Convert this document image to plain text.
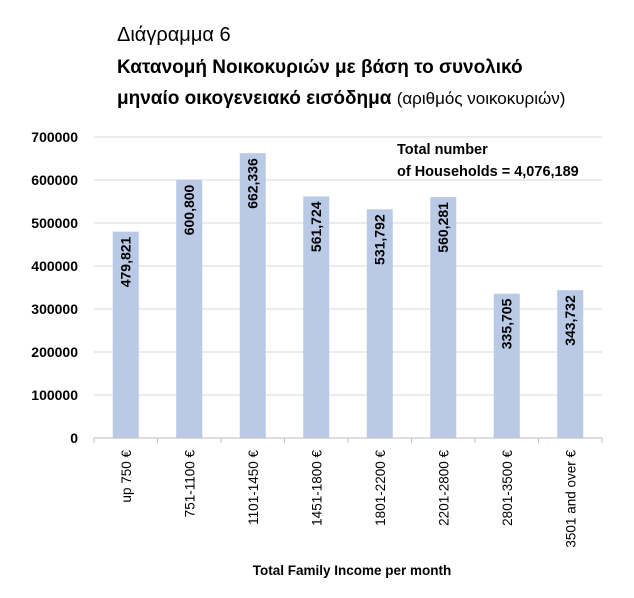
Διάγραμμα 6
Κατανομή Νοικοκυριών με βάση το συνολικό
μηναίο οικογενειακό εισόδημα (αριθμός νοικοκυριών)
0
100000
200000
300000
400000
500000
600000
700000
479,821
600,800
662,336
561,724	531,792	560,281
335,705	343,732
up 750 €	751-1100 €	1101-1450 €	1451-1800 €	1801-2200 €	2201-2800 €	2801-3500 €	3501 and over €
Total Family Income per month
Total number
of Households = 4,076,189
